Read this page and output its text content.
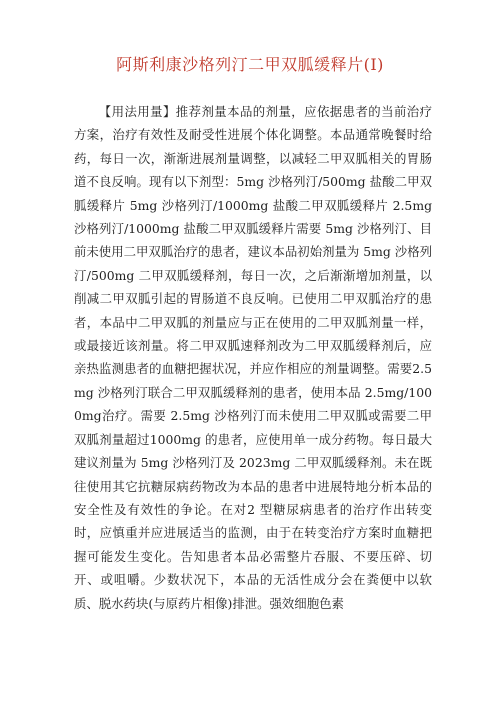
阿斯利康沙格列汀二甲双胍缓释片(I)

【用法用量】推荐剂量本品的剂量，应依据患者的当前治疗方案，治疗有效性及耐受性进展个体化调整。本品通常晚餐时给药，每日一次，渐渐进展剂量调整，以减轻二甲双胍相关的胃肠道不良反响。现有以下剂型：5mg 沙格列汀/500mg 盐酸二甲双胍缓释片 5mg 沙格列汀/1000mg 盐酸二甲双胍缓释片 2.5mg 沙格列汀/1000mg 盐酸二甲双胍缓释片需要 5mg 沙格列汀、目前未使用二甲双胍治疗的患者，建议本品初始剂量为 5mg 沙格列汀/500mg 二甲双胍缓释剂，每日一次，之后渐渐增加剂量，以削减二甲双胍引起的胃肠道不良反响。已使用二甲双胍治疗的患者，本品中二甲双胍的剂量应与正在使用的二甲双胍剂量一样，或最接近该剂量。将二甲双胍速释剂改为二甲双胍缓释剂后，应亲热监测患者的血糖把握状况，并应作相应的剂量调整。需要2.5mg 沙格列汀联合二甲双胍缓释剂的患者，使用本品 2.5mg/1000mg治疗。需要 2.5mg 沙格列汀而未使用二甲双胍或需要二甲双胍剂量超过1000mg 的患者，应使用单一成分药物。每日最大建议剂量为 5mg 沙格列汀及 2023mg 二甲双胍缓释剂。未在既往使用其它抗糖尿病药物改为本品的患者中进展特地分析本品的安全性及有效性的争论。在对2 型糖尿病患者的治疗作出转变时，应慎重并应进展适当的监测，由于在转变治疗方案时血糖把握可能发生变化。告知患者本品必需整片吞服、不要压碎、切开、或咀嚼。少数状况下，本品的无活性成分会在粪便中以软质、脱水药块(与原药片相像)排泄。强效细胞色素
